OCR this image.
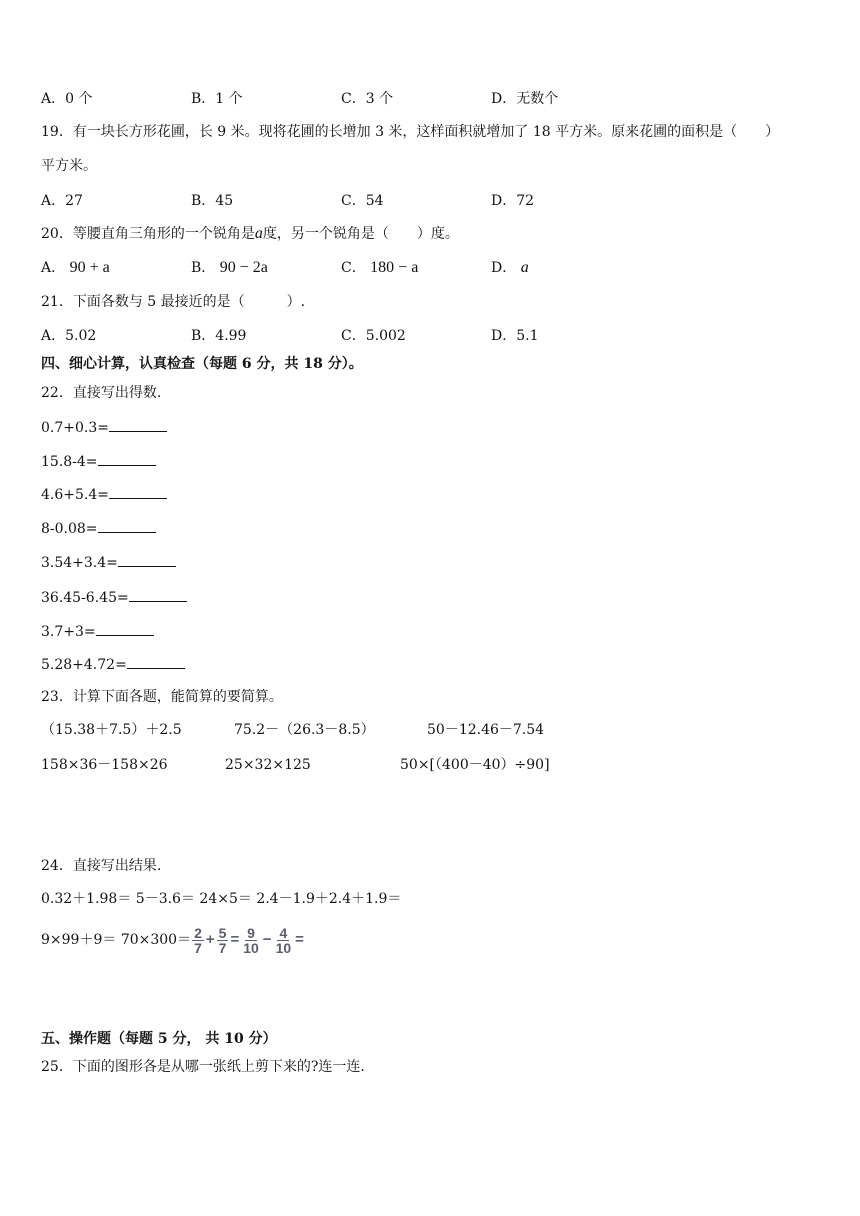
A．0 个	B．1 个	C．3 个	D．无数个
19．有一块长方形花圃，长 9 米。现将花圃的长增加 3 米，这样面积就增加了 18 平方米。原来花圃的面积是（　　）
平方米。
A．27	B．45	C．54	D．72
20．等腰直角三角形的一个锐角是a度，另一个锐角是（　　）度。
A． 90 + a	B． 90 − 2a	C． 180 − a	D． a
21．下面各数与 5 最接近的是（　　　）.
A．5.02	B．4.99	C．5.002	D．5.1
四、细心计算，认真检查（每题 6 分，共 18 分）。
22．直接写出得数.
0.7+0.3=
15.8-4=
4.6+5.4=
8-0.08=
3.54+3.4=
36.45-6.45=
3.7+3=
5.28+4.72=
23．计算下面各题，能简算的要简算。
（15.38＋7.5）＋2.5	75.2－（26.3－8.5）	50－12.46－7.54
158×36－158×26	25×32×125	50×[（400－40）÷90]
24．直接写出结果.
0.32＋1.98＝ 5－3.6＝ 24×5＝ 2.4－1.9＋2.4＋1.9＝
9×99＋9＝
$70\times 300= \frac{2}{7} + \frac{5}{7} = \frac{9}{10} - \frac{4}{10}$ =
五、操作题（每题 5 分， 共 10 分）
25．下面的图形各是从哪一张纸上剪下来的?连一连.
